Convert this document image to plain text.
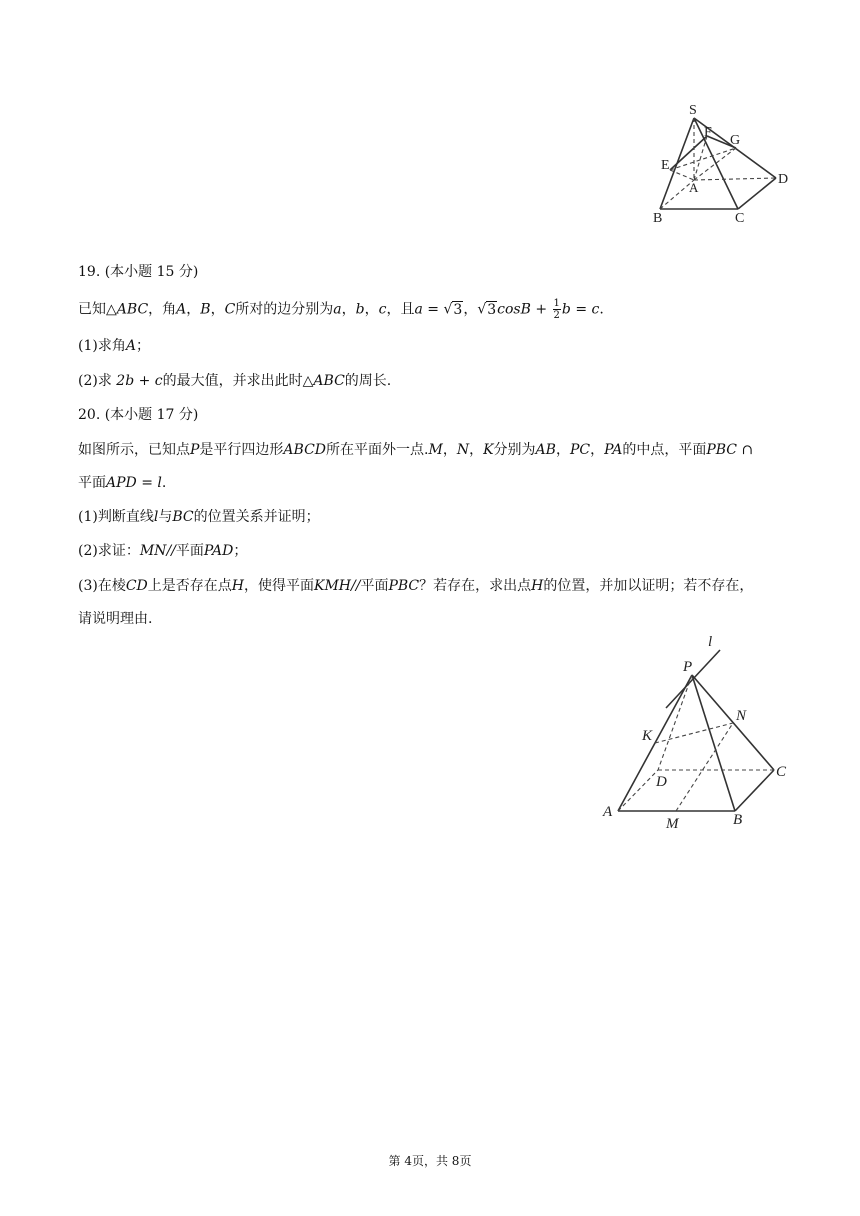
S
F
G
E
A
D
B	C
19. (本小题 15 分)
已知△ABC，角A，B，C所对的边分别为a，b，c，且a = √3，$√3\cos B + \frac{1}{2}$ b = c.
(1)求角A；
(2)求 2b + c的最大值，并求出此时△ABC的周长.
20. (本小题 17 分)
如图所示，已知点P是平行四边形ABCD所在平面外一点.M，N，K分别为AB，PC，PA的中点，平面PBC ∩
平面APD = l.
(1)判断直线l与BC的位置关系并证明；
(2)求证：MN//平面PAD；
(3)在棱CD上是否存在点H，使得平面KMH//平面PBC？若存在，求出点H的位置，并加以证明；若不存在，
请说明理由.
l
P
N
K
C
D
A
M	B
第 4页，共 8页
